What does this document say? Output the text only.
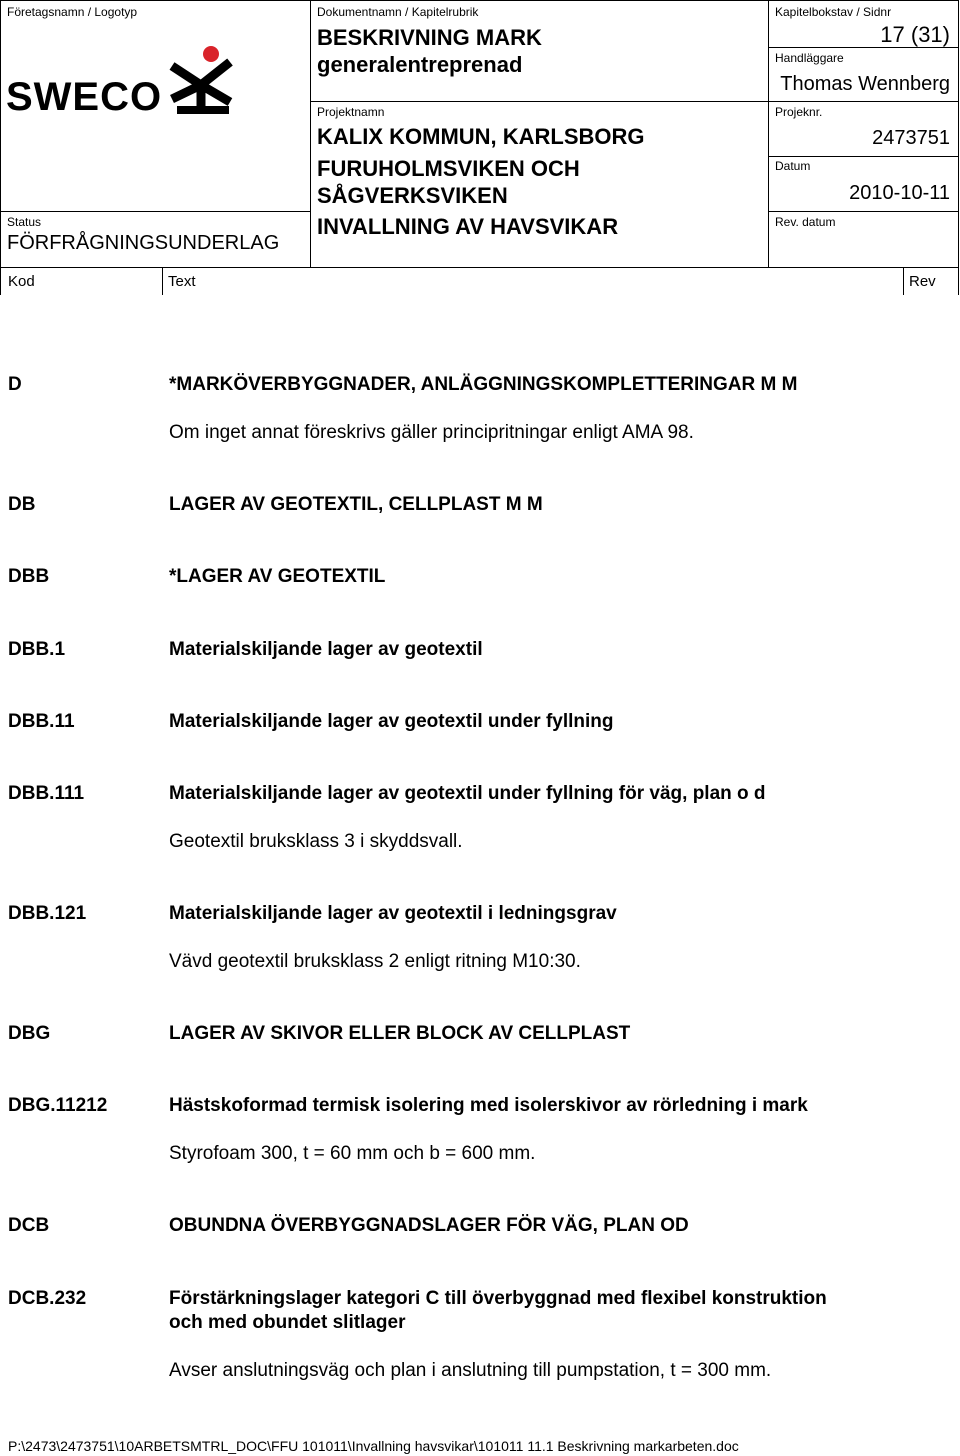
Företagsnamn / Logotyp
SWECO
Status
FÖRFRÅGNINGSUNDERLAG
Dokumentnamn / Kapitelrubrik
BESKRIVNING MARK
generalentreprenad
Projektnamn
KALIX KOMMUN, KARLSBORG
FURUHOLMSVIKEN OCH
SÅGVERKSVIKEN
INVALLNING AV HAVSVIKAR
Kapitelbokstav / Sidnr
17 (31)
Handläggare
Thomas Wennberg
Projeknr.
2473751
Datum
2010-10-11
Rev. datum
Kod	Text	Rev
D	*MARKÖVERBYGGNADER, ANLÄGGNINGSKOMPLETTERINGAR M M
Om inget annat föreskrivs gäller principritningar enligt AMA 98.
DB	LAGER AV GEOTEXTIL, CELLPLAST M M
DBB	*LAGER AV GEOTEXTIL
DBB.1	Materialskiljande lager av geotextil
DBB.11	Materialskiljande lager av geotextil under fyllning
DBB.111	Materialskiljande lager av geotextil under fyllning för väg, plan o d
Geotextil bruksklass 3 i skyddsvall.
DBB.121	Materialskiljande lager av geotextil i ledningsgrav
Vävd geotextil bruksklass 2 enligt ritning M10:30.
DBG	LAGER AV SKIVOR ELLER BLOCK AV CELLPLAST
DBG.11212	Hästskoformad termisk isolering med isolerskivor av rörledning i mark
Styrofoam 300, t = 60 mm och b = 600 mm.
DCB	OBUNDNA ÖVERBYGGNADSLAGER FÖR VÄG, PLAN OD
DCB.232	Förstärkningslager kategori C till överbyggnad med flexibel konstruktion
och med obundet slitlager
Avser anslutningsväg och plan i anslutning till pumpstation, t = 300 mm.
P:\2473\2473751\10ARBETSMTRL_DOC\FFU 101011\Invallning havsvikar\101011 11.1 Beskrivning markarbeten.doc
